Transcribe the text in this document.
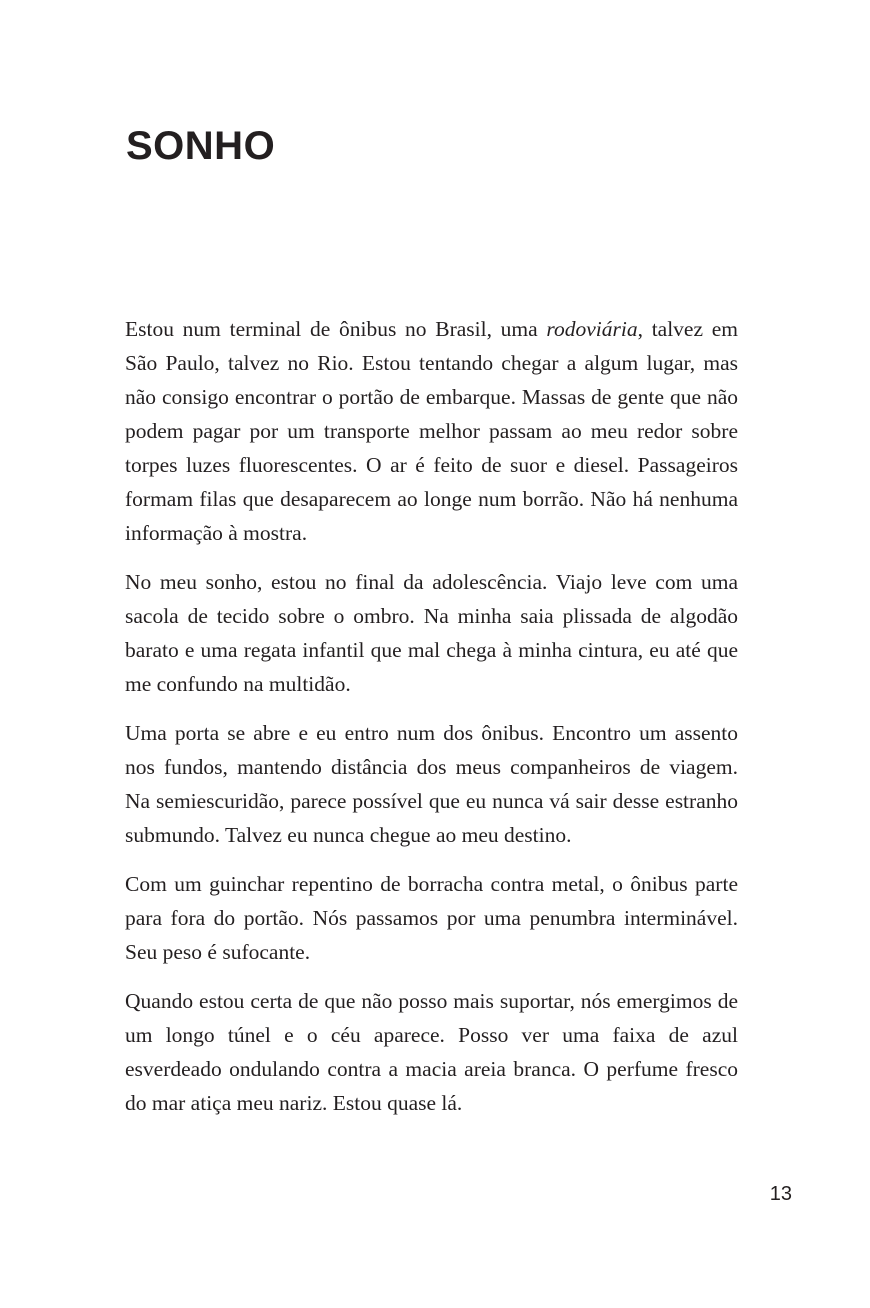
SONHO

Estou num terminal de ônibus no Brasil, uma rodoviária, talvez em São Paulo, talvez no Rio. Estou tentando chegar a algum lugar, mas não consigo encontrar o portão de embarque. Massas de gente que não podem pagar por um transporte melhor passam ao meu redor sobre torpes luzes fluorescentes. O ar é feito de suor e diesel. Passageiros formam filas que desaparecem ao longe num borrão. Não há nenhuma informação à mostra.

No meu sonho, estou no final da adolescência. Viajo leve com uma sacola de tecido sobre o ombro. Na minha saia plissada de algodão barato e uma regata infantil que mal chega à minha cintura, eu até que me confundo na multidão.

Uma porta se abre e eu entro num dos ônibus. Encontro um assento nos fundos, mantendo distância dos meus companheiros de viagem. Na semiescuridão, parece possível que eu nunca vá sair desse estranho submundo. Talvez eu nunca chegue ao meu destino.

Com um guinchar repentino de borracha contra metal, o ônibus parte para fora do portão. Nós passamos por uma penumbra interminável. Seu peso é sufocante.

Quando estou certa de que não posso mais suportar, nós emergimos de um longo túnel e o céu aparece. Posso ver uma faixa de azul esverdeado ondulando contra a macia areia branca. O perfume fresco do mar atiça meu nariz. Estou quase lá.

13
